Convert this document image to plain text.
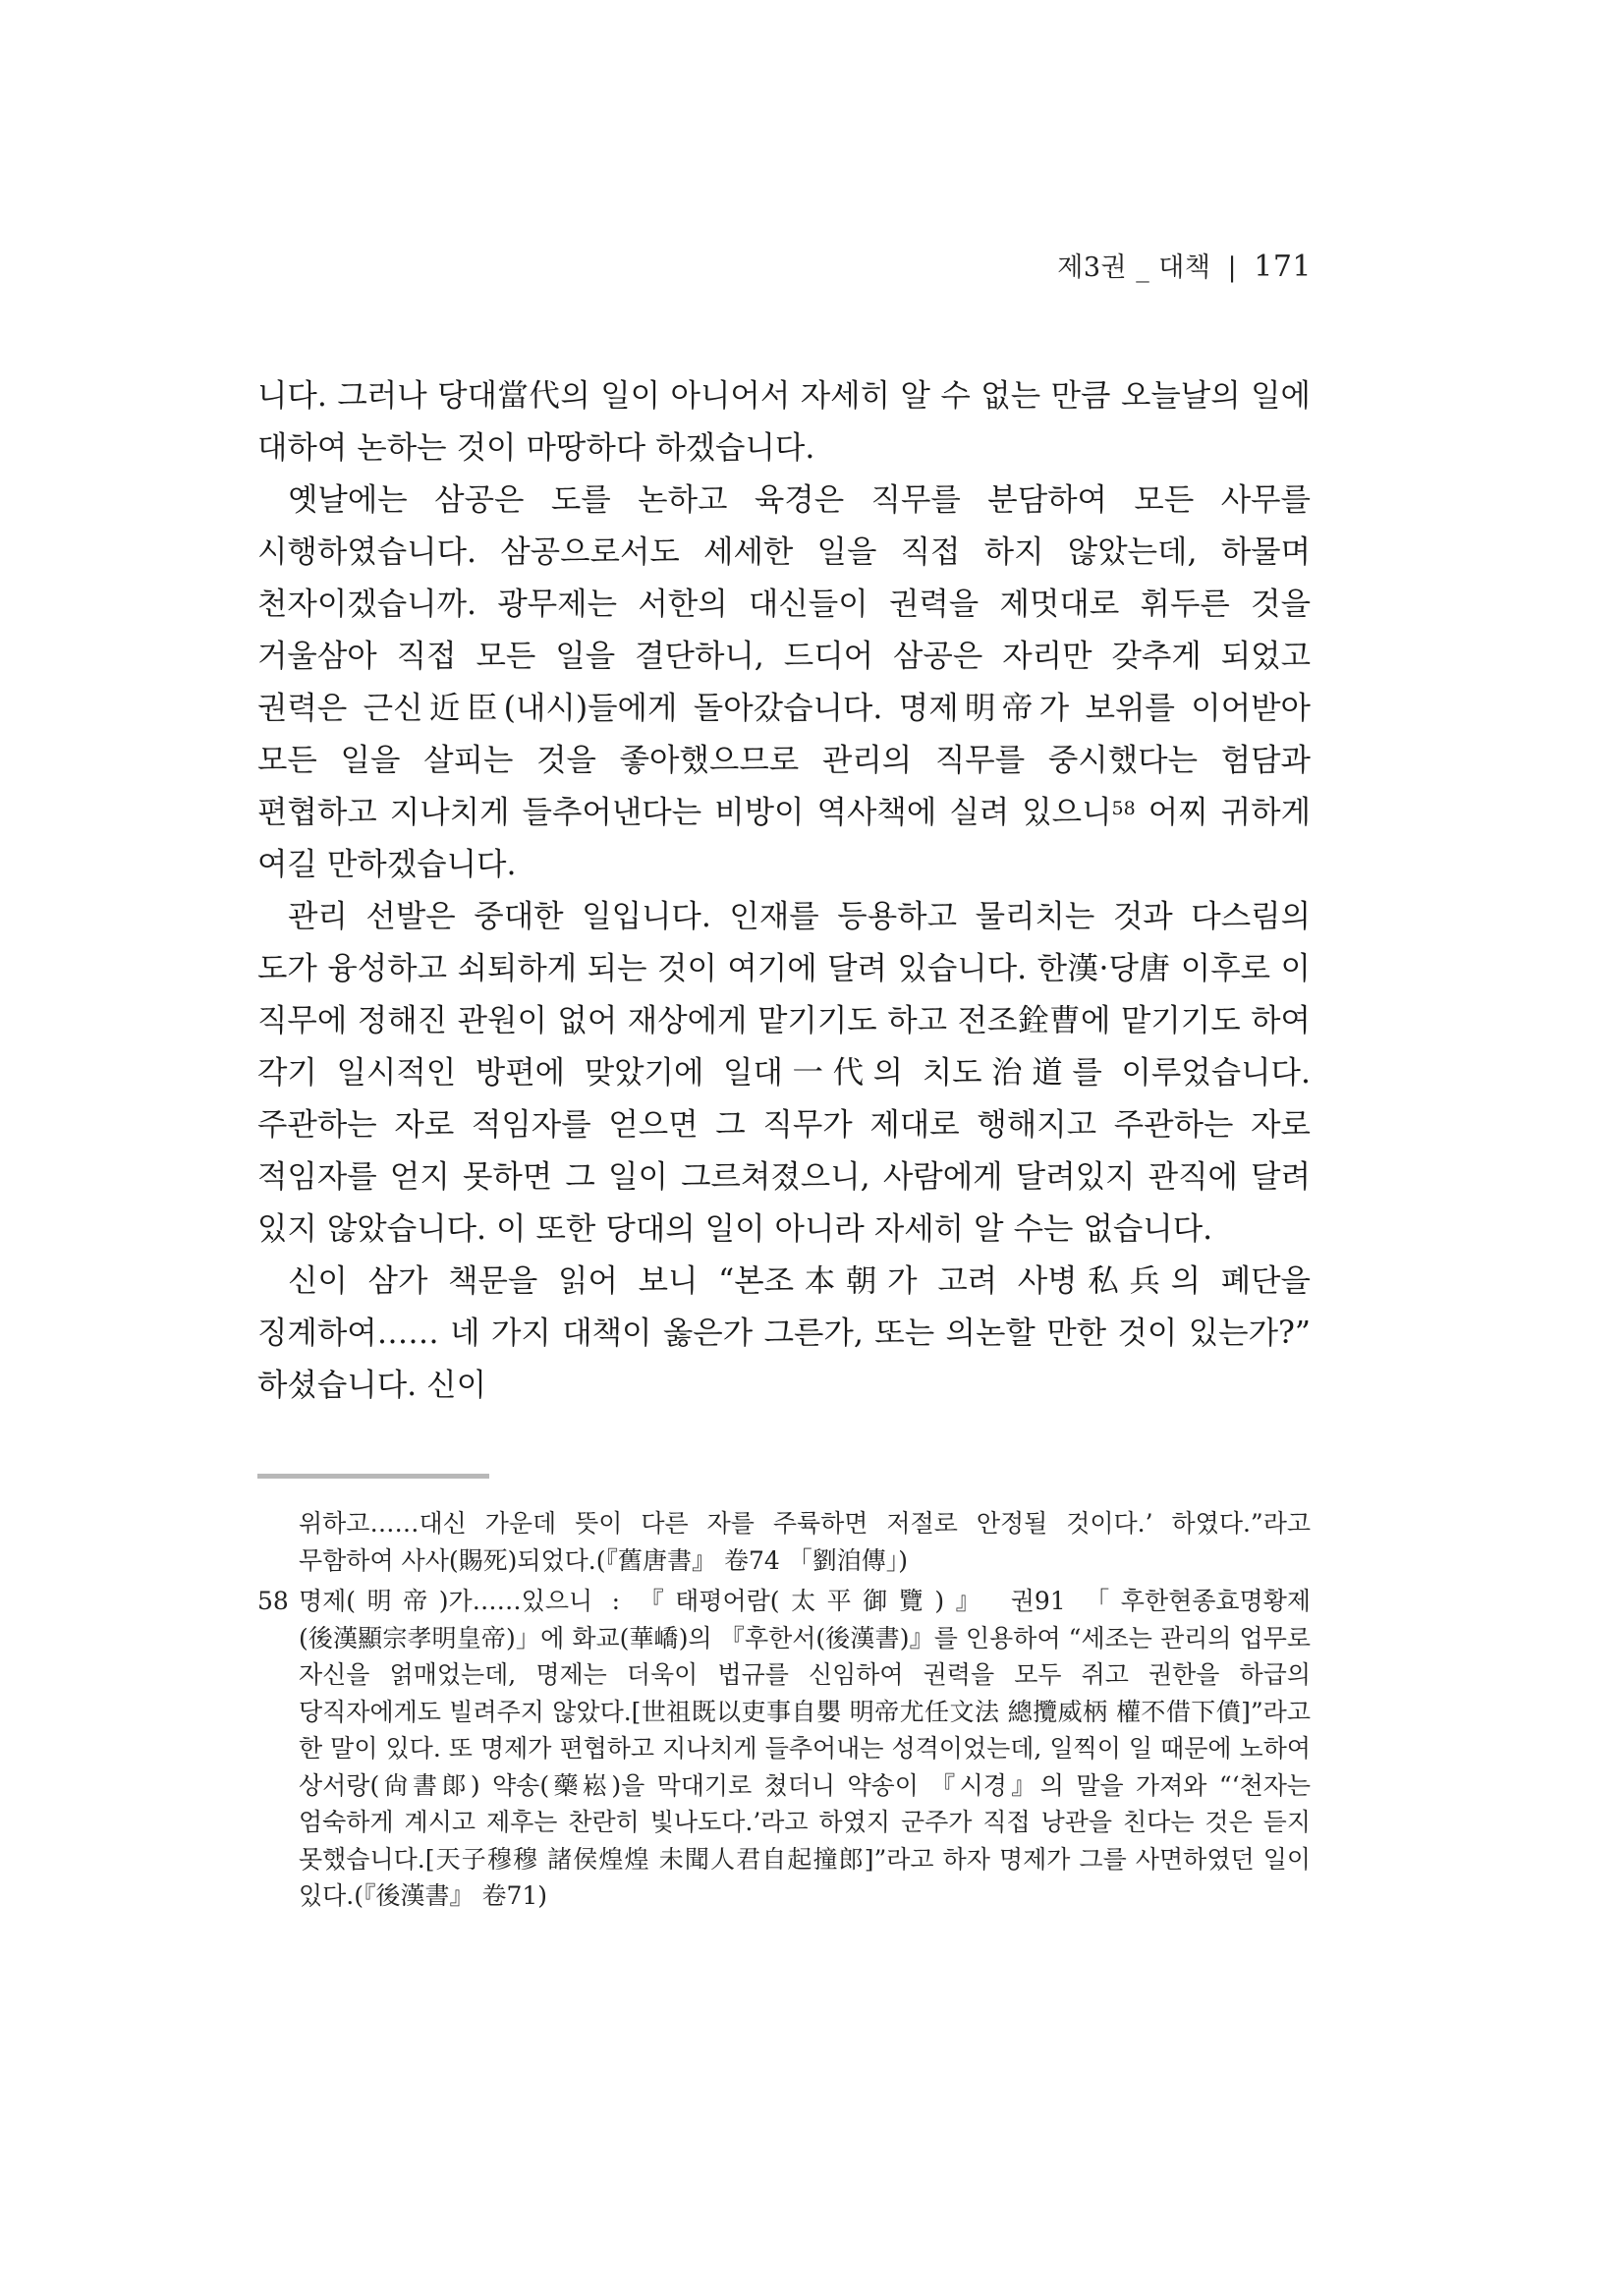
제3권 _ 대책 | 171

니다. 그러나 당대當代의 일이 아니어서 자세히 알 수 없는 만큼 오늘날의 일에 대하여 논하는 것이 마땅하다 하겠습니다.

옛날에는 삼공은 도를 논하고 육경은 직무를 분담하여 모든 사무를 시행하였습니다. 삼공으로서도 세세한 일을 직접 하지 않았는데, 하물며 천자이겠습니까. 광무제는 서한의 대신들이 권력을 제멋대로 휘두른 것을 거울삼아 직접 모든 일을 결단하니, 드디어 삼공은 자리만 갖추게 되었고 권력은 근신近臣(내시)들에게 돌아갔습니다. 명제明帝가 보위를 이어받아 모든 일을 살피는 것을 좋아했으므로 관리의 직무를 중시했다는 험담과 편협하고 지나치게 들추어낸다는 비방이 역사책에 실려 있으니$^{58}$ 어찌 귀하게 여길 만하겠습니다.

관리 선발은 중대한 일입니다. 인재를 등용하고 물리치는 것과 다스림의 도가 융성하고 쇠퇴하게 되는 것이 여기에 달려 있습니다. 한漢·당唐 이후로 이 직무에 정해진 관원이 없어 재상에게 맡기기도 하고 전조銓曹에 맡기기도 하여 각기 일시적인 방편에 맞았기에 일대一代의 치도治道를 이루었습니다. 주관하는 자로 적임자를 얻으면 그 직무가 제대로 행해지고 주관하는 자로 적임자를 얻지 못하면 그 일이 그르쳐졌으니, 사람에게 달려있지 관직에 달려 있지 않았습니다. 이 또한 당대의 일이 아니라 자세히 알 수는 없습니다.

신이 삼가 책문을 읽어 보니 “본조本朝가 고려 사병私兵의 폐단을 징계하여…… 네 가지 대책이 옳은가 그른가, 또는 의논할 만한 것이 있는가?” 하셨습니다. 신이

위하고……대신 가운데 뜻이 다른 자를 주륙하면 저절로 안정될 것이다.’ 하였다.”라고 무함하여 사사(賜死)되었다.(『舊唐書』 卷74 「劉洎傳」)
58 명제(明帝)가……있으니 : 『태평어람(太平御覽)』 권91 「후한현종효명황제(後漢顯宗孝明皇帝)」에 화교(華嶠)의 『후한서(後漢書)』를 인용하여 “세조는 관리의 업무로 자신을 얽매었는데, 명제는 더욱이 법규를 신임하여 권력을 모두 쥐고 권한을 하급의 당직자에게도 빌려주지 않았다.[世祖既以吏事自嬰 明帝尤任文法 總攬威柄 權不借下僨]”라고 한 말이 있다. 또 명제가 편협하고 지나치게 들추어내는 성격이었는데, 일찍이 일 때문에 노하여 상서랑(尙書郞) 약송(藥崧)을 막대기로 쳤더니 약송이 『시경』의 말을 가져와 “‘천자는 엄숙하게 계시고 제후는 찬란히 빛나도다.’라고 하였지 군주가 직접 낭관을 친다는 것은 듣지 못했습니다.[天子穆穆 諸侯煌煌 未聞人君自起撞郎]”라고 하자 명제가 그를 사면하였던 일이 있다.(『後漢書』 卷71)
